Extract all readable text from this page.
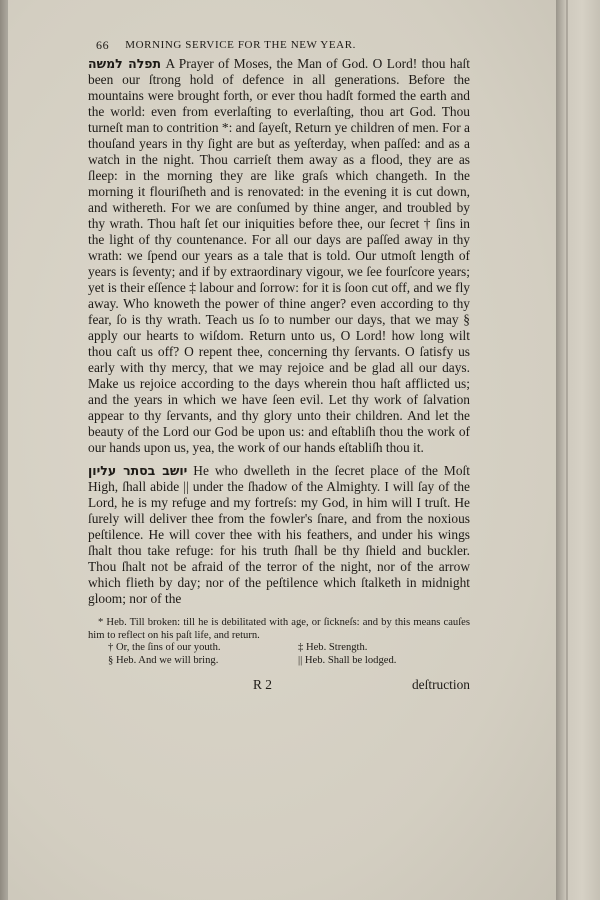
66 MORNING SERVICE FOR THE NEW YEAR.

תפלה למשה A Prayer of Moses, the Man of God. O Lord! thou haſt been our ſtrong hold of defence in all generations. Before the mountains were brought forth, or ever thou hadſt formed the earth and the world: even from everlaſting to everlaſting, thou art God. Thou turneſt man to contrition *: and ſayeſt, Return ye children of men. For a thouſand years in thy ſight are but as yeſterday, when paſſed: and as a watch in the night. Thou carrieſt them away as a flood, they are as ſleep: in the morning they are like graſs which changeth. In the morning it flouriſheth and is renovated: in the evening it is cut down, and withereth. For we are conſumed by thine anger, and troubled by thy wrath. Thou haſt ſet our iniquities before thee, our ſecret † ſins in the light of thy countenance. For all our days are paſſed away in thy wrath: we ſpend our years as a tale that is told. Our utmoſt length of years is ſeventy; and if by extraordinary vigour, we ſee fourſcore years; yet is their eſſence ‡ labour and ſorrow: for it is ſoon cut off, and we fly away. Who knoweth the power of thine anger? even according to thy fear, ſo is thy wrath. Teach us ſo to number our days, that we may § apply our hearts to wiſdom. Return unto us, O Lord! how long wilt thou caſt us off? O repent thee, concerning thy ſervants. O ſatisfy us early with thy mercy, that we may rejoice and be glad all our days. Make us rejoice according to the days wherein thou haſt afflicted us; and the years in which we have ſeen evil. Let thy work of ſalvation appear to thy ſervants, and thy glory unto their children. And let the beauty of the Lord our God be upon us: and eſtabliſh thou the work of our hands upon us, yea, the work of our hands eſtabliſh thou it.

יושב בסתר עליון He who dwelleth in the ſecret place of the Moſt High, ſhall abide || under the ſhadow of the Almighty. I will ſay of the Lord, he is my refuge and my fortreſs: my God, in him will I truſt. He ſurely will deliver thee from the fowler's ſnare, and from the noxious peſtilence. He will cover thee with his feathers, and under his wings ſhalt thou take refuge: for his truth ſhall be thy ſhield and buckler. Thou ſhalt not be afraid of the terror of the night, nor of the arrow which flieth by day; nor of the peſtilence which ſtalketh in midnight gloom; nor of the

* Heb. Till broken: till he is debilitated with age, or ſickneſs: and by this means cauſes him to reflect on his paſt life, and return.
† Or, the ſins of our youth.	‡ Heb. Strength.
§ Heb. And we will bring.	|| Heb. Shall be lodged.
R 2	deſtruction
